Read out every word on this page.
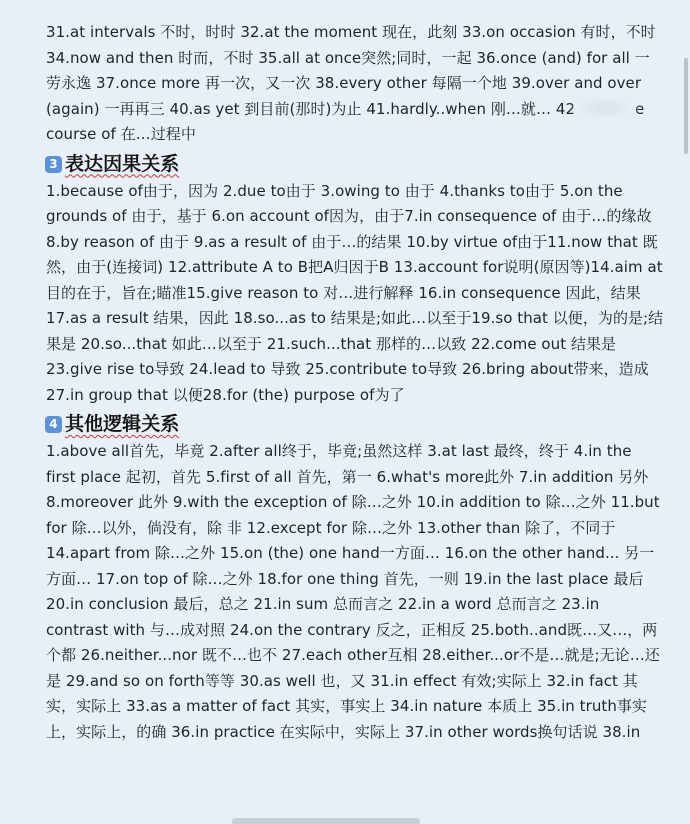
31.at intervals 不时，时时 32.at the moment 现在，此刻 33.on occasion 有时，不时 34.now and then 时而，不时 35.all at once突然;同时，一起 36.once (and) for all 一劳永逸 37.once more 再一次，又一次 38.every other 每隔一个地 39.over and over (again) 一再再三 40.as yet 到目前(那时)为止 41.hardly..when 刚…就… 42	e course of 在…过程中

3 表达因果关系

1.because of由于，因为 2.due to由于 3.owing to 由于 4.thanks to由于 5.on the grounds of 由于，基于 6.on account of因为，由于7.in consequence of 由于…的缘故 8.by reason of 由于 9.as a result of 由于…的结果 10.by virtue of由于11.now that 既然，由于(连接词) 12.attribute A to B把A归因于B 13.account for说明(原因等)14.aim at目的在于，旨在;瞄准15.give reason to 对…进行解释 16.in consequence 因此，结果 17.as a result 结果，因此 18.so...as to 结果是;如此…以至于19.so that 以便，为的是;结果是 20.so...that 如此…以至于 21.such...that 那样的…以致 22.come out 结果是 23.give rise to导致 24.lead to 导致 25.contribute to导致 26.bring about带来，造成 27.in group that 以便28.for (the) purpose of为了

4 其他逻辑关系

1.above all首先，毕竟 2.after all终于，毕竟;虽然这样 3.at last 最终，终于 4.in the first place 起初，首先 5.first of all 首先，第一 6.what's more此外 7.in addition 另外 8.moreover 此外 9.with the exception of 除…之外 10.in addition to 除…之外 11.but for 除…以外，倘没有，除 非 12.except for 除…之外 13.other than 除了，不同于 14.apart from 除…之外 15.on (the) one hand一方面… 16.on the other hand... 另一方面… 17.on top of 除…之外 18.for one thing 首先，一则 19.in the last place 最后 20.in conclusion 最后，总之 21.in sum 总而言之 22.in a word 总而言之 23.in contrast with 与…成对照 24.on the contrary 反之，正相反 25.both..and既…又…，两个都 26.neither...nor 既不…也不 27.each other互相 28.either...or不是…就是;无论…还是 29.and so on forth等等 30.as well 也，又 31.in effect 有效;实际上 32.in fact 其实，实际上 33.as a matter of fact 其实，事实上 34.in nature 本质上 35.in truth事实上，实际上，的确 36.in practice 在实际中，实际上 37.in other words换句话说 38.in
